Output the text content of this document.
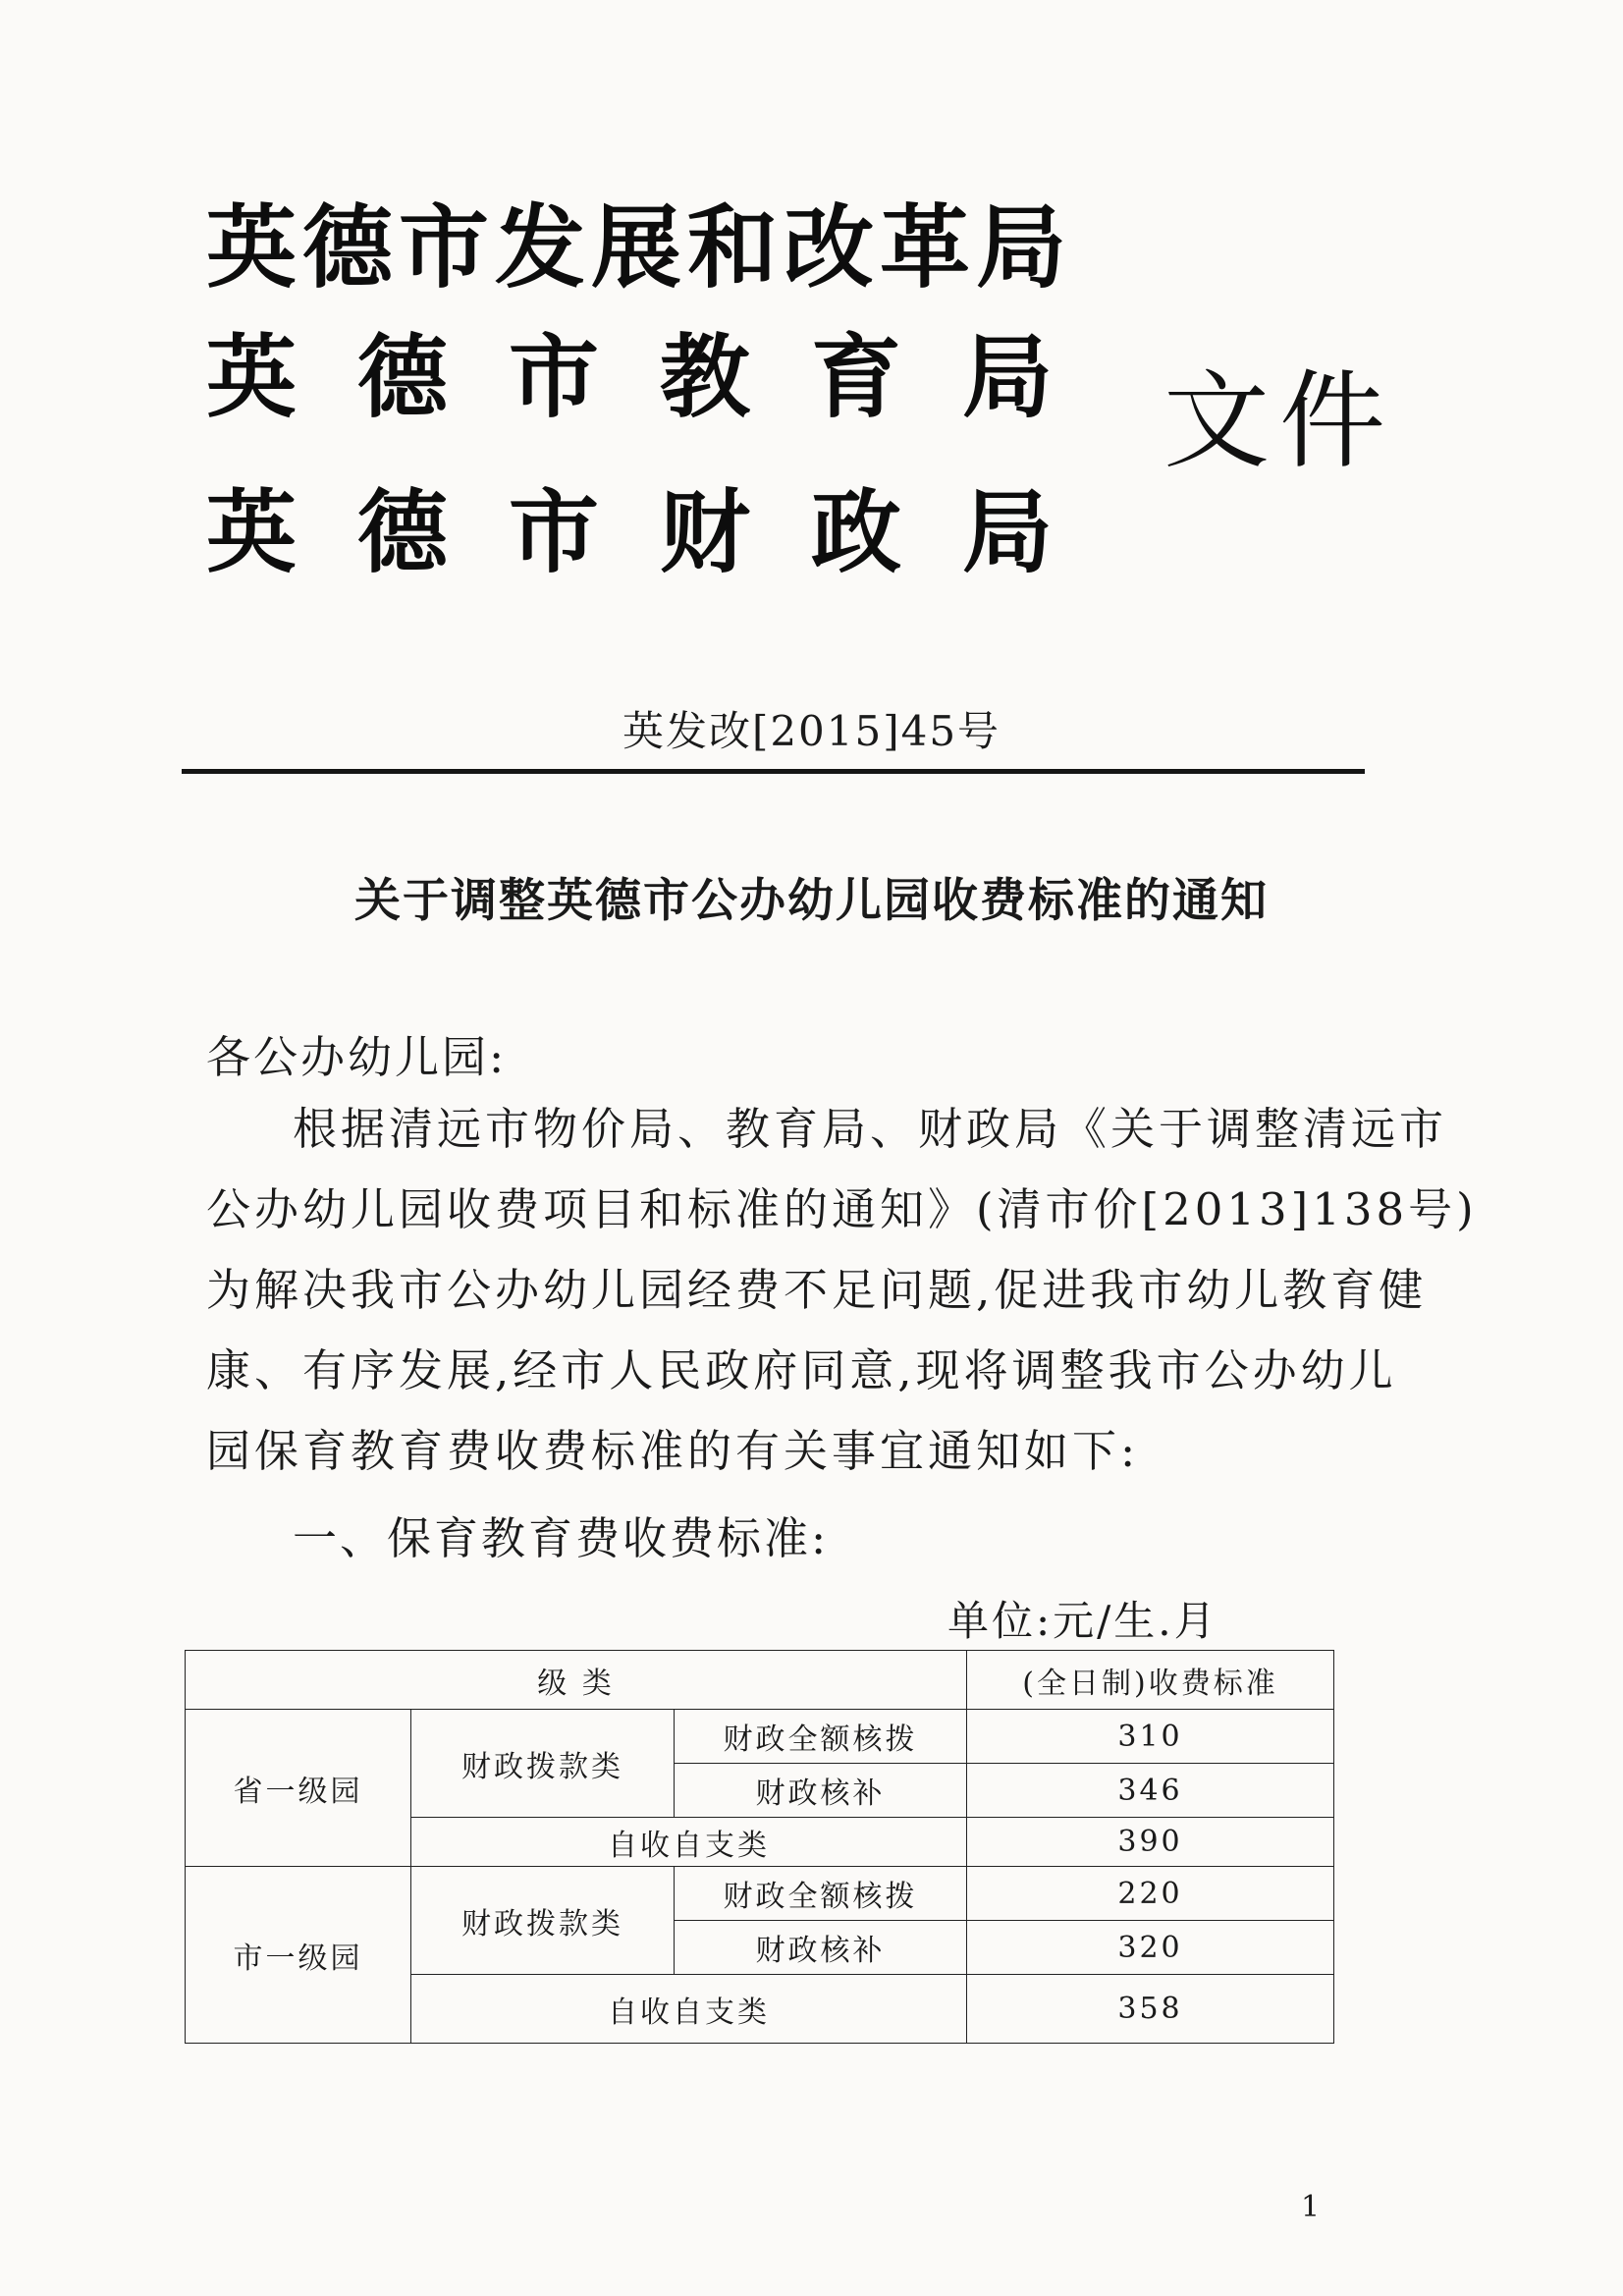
英德市发展和改革局
英德市教育局
英德市财政局
文件
英发改[2015]45号
关于调整英德市公办幼儿园收费标准的通知
各公办幼儿园:
根据清远市物价局、教育局、财政局《关于调整清远市
公办幼儿园收费项目和标准的通知》(清市价[2013]138号)
为解决我市公办幼儿园经费不足问题,促进我市幼儿教育健
康、有序发展,经市人民政府同意,现将调整我市公办幼儿
园保育教育费收费标准的有关事宜通知如下:
一、保育教育费收费标准:
单位:元/生.月
级 类			(全日制)收费标准
省一级园	财政拨款类	财政全额核拨	310
		财政核补	346
	自收自支类		390
市一级园	财政拨款类	财政全额核拨	220
		财政核补	320
	自收自支类		358
1
